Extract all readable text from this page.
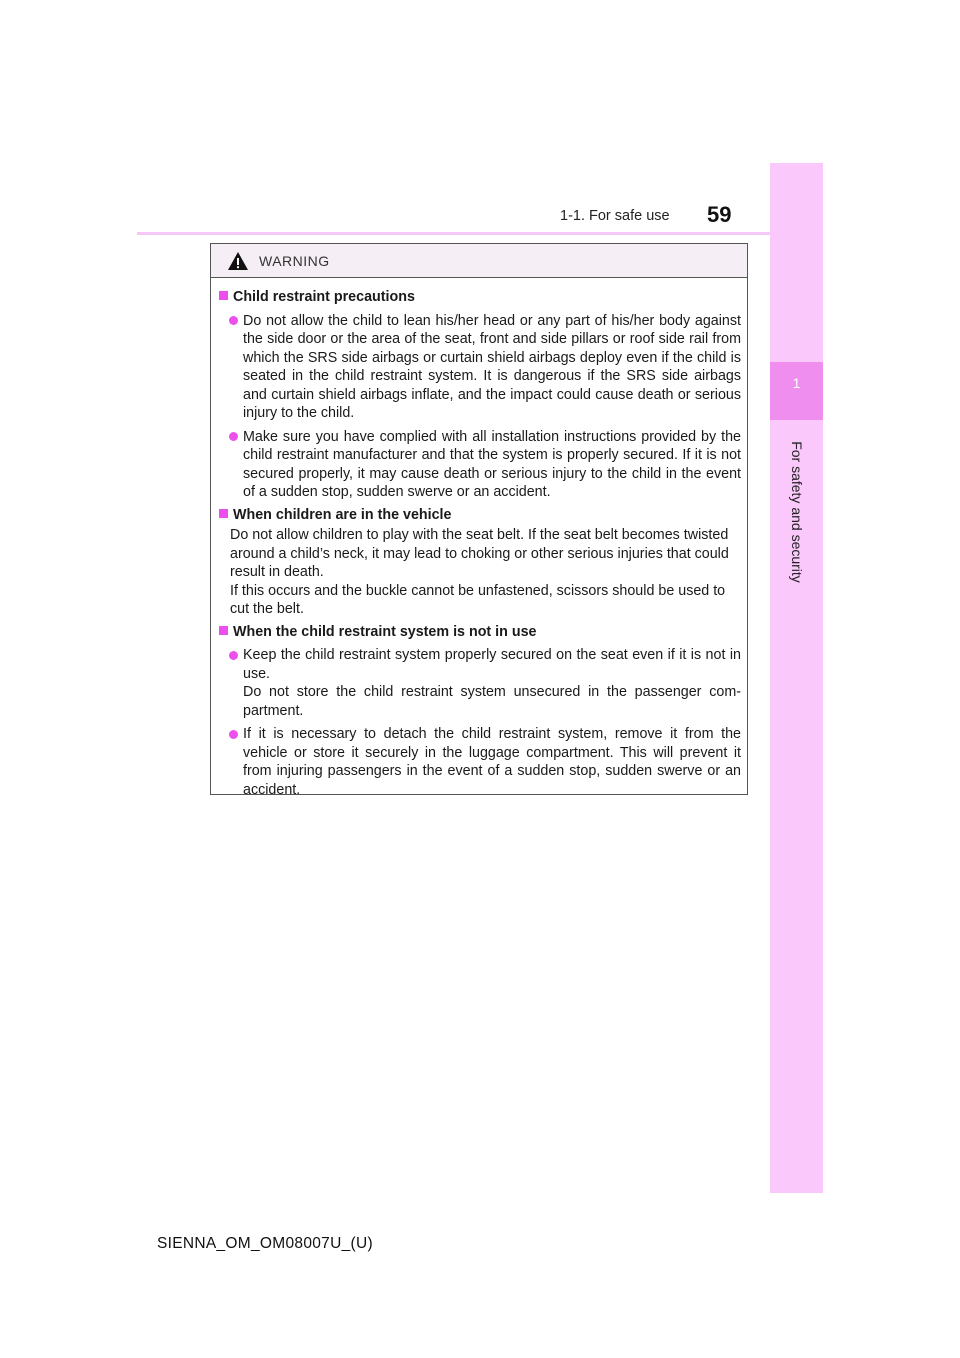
1-1. For safe use 59
1
For safety and security
WARNING
Child restraint precautions
Do not allow the child to lean his/her head or any part of his/her body against the side door or the area of the seat, front and side pillars or roof side rail from which the SRS side airbags or curtain shield airbags deploy even if the child is seated in the child restraint system. It is dangerous if the SRS side airbags and curtain shield airbags inflate, and the impact could cause death or serious injury to the child.
Make sure you have complied with all installation instructions provided by the child restraint manufacturer and that the system is properly secured. If it is not secured properly, it may cause death or serious injury to the child in the event of a sudden stop, sudden swerve or an accident.
When children are in the vehicle
Do not allow children to play with the seat belt. If the seat belt becomes twisted around a child’s neck, it may lead to choking or other serious injuries that could result in death.
If this occurs and the buckle cannot be unfastened, scissors should be used to cut the belt.
When the child restraint system is not in use
Keep the child restraint system properly secured on the seat even if it is not in use.
Do not store the child restraint system unsecured in the passenger com-partment.
If it is necessary to detach the child restraint system, remove it from the vehicle or store it securely in the luggage compartment. This will prevent it from injuring passengers in the event of a sudden stop, sudden swerve or an accident.
SIENNA_OM_OM08007U_(U)
